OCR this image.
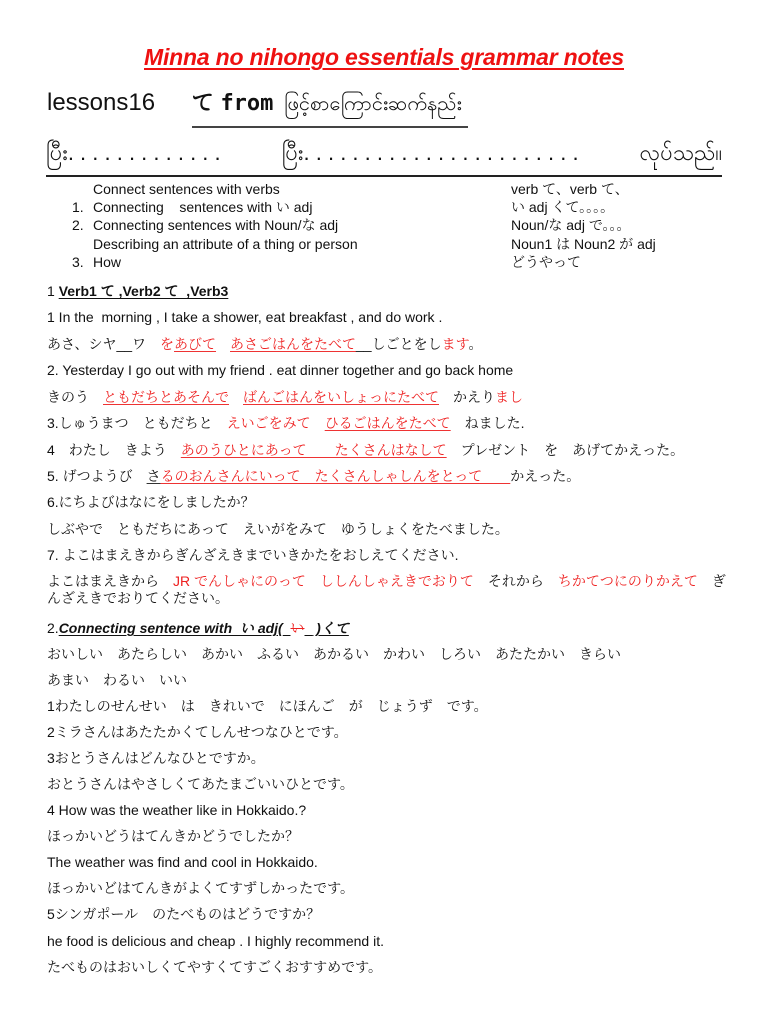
Minna no nihongo essentials grammar notes
lessons16 て from ဖြင့်စာကြောင်းဆက်နည်း
ပြီး. . . . . . . . . . . . .	ပြီး. . . . . . . . . . . . . . . . . . . . . . .	လုပ်သည်။
Connect sentences with verbs	verb て、verb て、
1. Connecting    sentences with い adj	い adj くて。。。。
2. Connecting sentences with Noun/な adj	Noun/な adj で。。。
Describing an attribute of a thing or person	Noun1 は Noun2 が adj
3. How	どうやって
1 Verb1 て ,Verb2 て  ,Verb3
1 In the  morning , I take a shower, eat breakfast , and do work .
あさ、シヤ__ワ　をあびて　 あさごはんをたべて__しごとをします。
2. Yesterday I go out with my friend . eat dinner together and go back home
きのう　ともだちとあそんで　 ばんごはんをいしょっにたべて　かえりまし
3.しゅうまつ　ともだちと　えいごをみて　 ひるごはんをたべて　ねました.
4　わたし　きよう　あのうひとにあって　　たくさんはなして　プレゼント　を　あげてかえった。
5. げつようび　さるのおんさんにいって　たくさんしゃしんをとって　　かえった。
6.にちよびはなにをしましたか？
しぶやで　ともだちにあって　えいがをみて　ゆうしょくをたべました。
7. よこはまえきからぎんざえきまでいきかたをおしえてください.
よこはまえきから　JR でんしゃにのって　ししんしゃえきでおりて　それから　ちかてつにのりかえて　ぎんざえきでおりてください。
2.Connecting sentence with  い adj( い   )くて
おいしい　あたらしい　あかい　ふるい　あかるい　かわい　しろい　あたたかい　きらい
あまい　わるい　いい
1わたしのせんせい　は　きれいで　にほんご　が　じょうず　です。
2ミラさんはあたたかくてしんせつなひとです。
3おとうさんはどんなひとですか。
おとうさんはやさしくてあたまごいいひとです。
4 How was the weather like in Hokkaido.?
ほっかいどうはてんきかどうでしたか？
The weather was find and cool in Hokkaido.
ほっかいどはてんきがよくてすずしかったです。
5シンガポール　のたべものはどうですか？
he food is delicious and cheap . I highly recommend it.
たべものはおいしくてやすくてすごくおすすめです。
